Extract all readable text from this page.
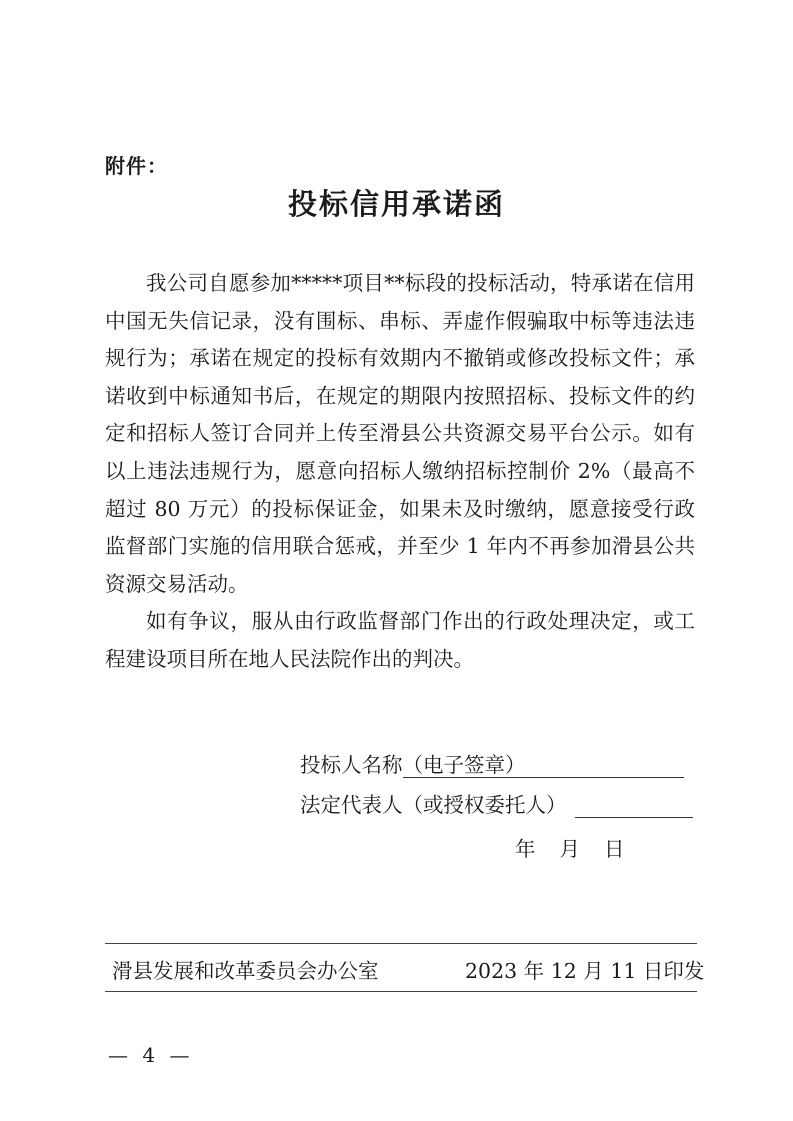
附件：
投标信用承诺函

我公司自愿参加*****项目**标段的投标活动，特承诺在信用中国无失信记录，没有围标、串标、弄虚作假骗取中标等违法违规行为；承诺在规定的投标有效期内不撤销或修改投标文件；承诺收到中标通知书后，在规定的期限内按照招标、投标文件的约定和招标人签订合同并上传至滑县公共资源交易平台公示。如有以上违法违规行为，愿意向招标人缴纳招标控制价 2%（最高不超过 80 万元）的投标保证金，如果未及时缴纳，愿意接受行政监督部门实施的信用联合惩戒，并至少 1 年内不再参加滑县公共资源交易活动。

如有争议，服从由行政监督部门作出的行政处理决定，或工程建设项目所在地人民法院作出的判决。

投标人名称（电子签章）
法定代表人（或授权委托人）
年 月 日
滑县发展和改革委员会办公室	2023 年 12 月 11 日印发
— 4 —
